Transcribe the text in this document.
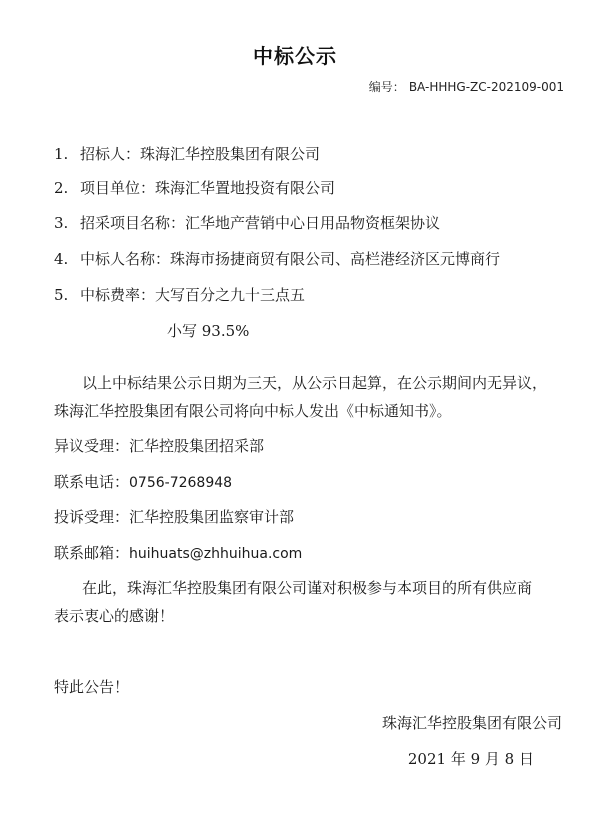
中标公示
编号： BA-HHHG-ZC-202109-001
1. 招标人：珠海汇华控股集团有限公司
2. 项目单位：珠海汇华置地投资有限公司
3. 招采项目名称：汇华地产营销中心日用品物资框架协议
4. 中标人名称：珠海市扬捷商贸有限公司、高栏港经济区元博商行
5. 中标费率：大写百分之九十三点五
小写 93.5%
以上中标结果公示日期为三天，从公示日起算，在公示期间内无异议，
珠海汇华控股集团有限公司将向中标人发出《中标通知书》。
异议受理：汇华控股集团招采部
联系电话：0756-7268948
投诉受理：汇华控股集团监察审计部
联系邮箱：huihuats@zhhuihua.com
在此，珠海汇华控股集团有限公司谨对积极参与本项目的所有供应商
表示衷心的感谢！
特此公告！
珠海汇华控股集团有限公司
2021 年 9 月 8 日
